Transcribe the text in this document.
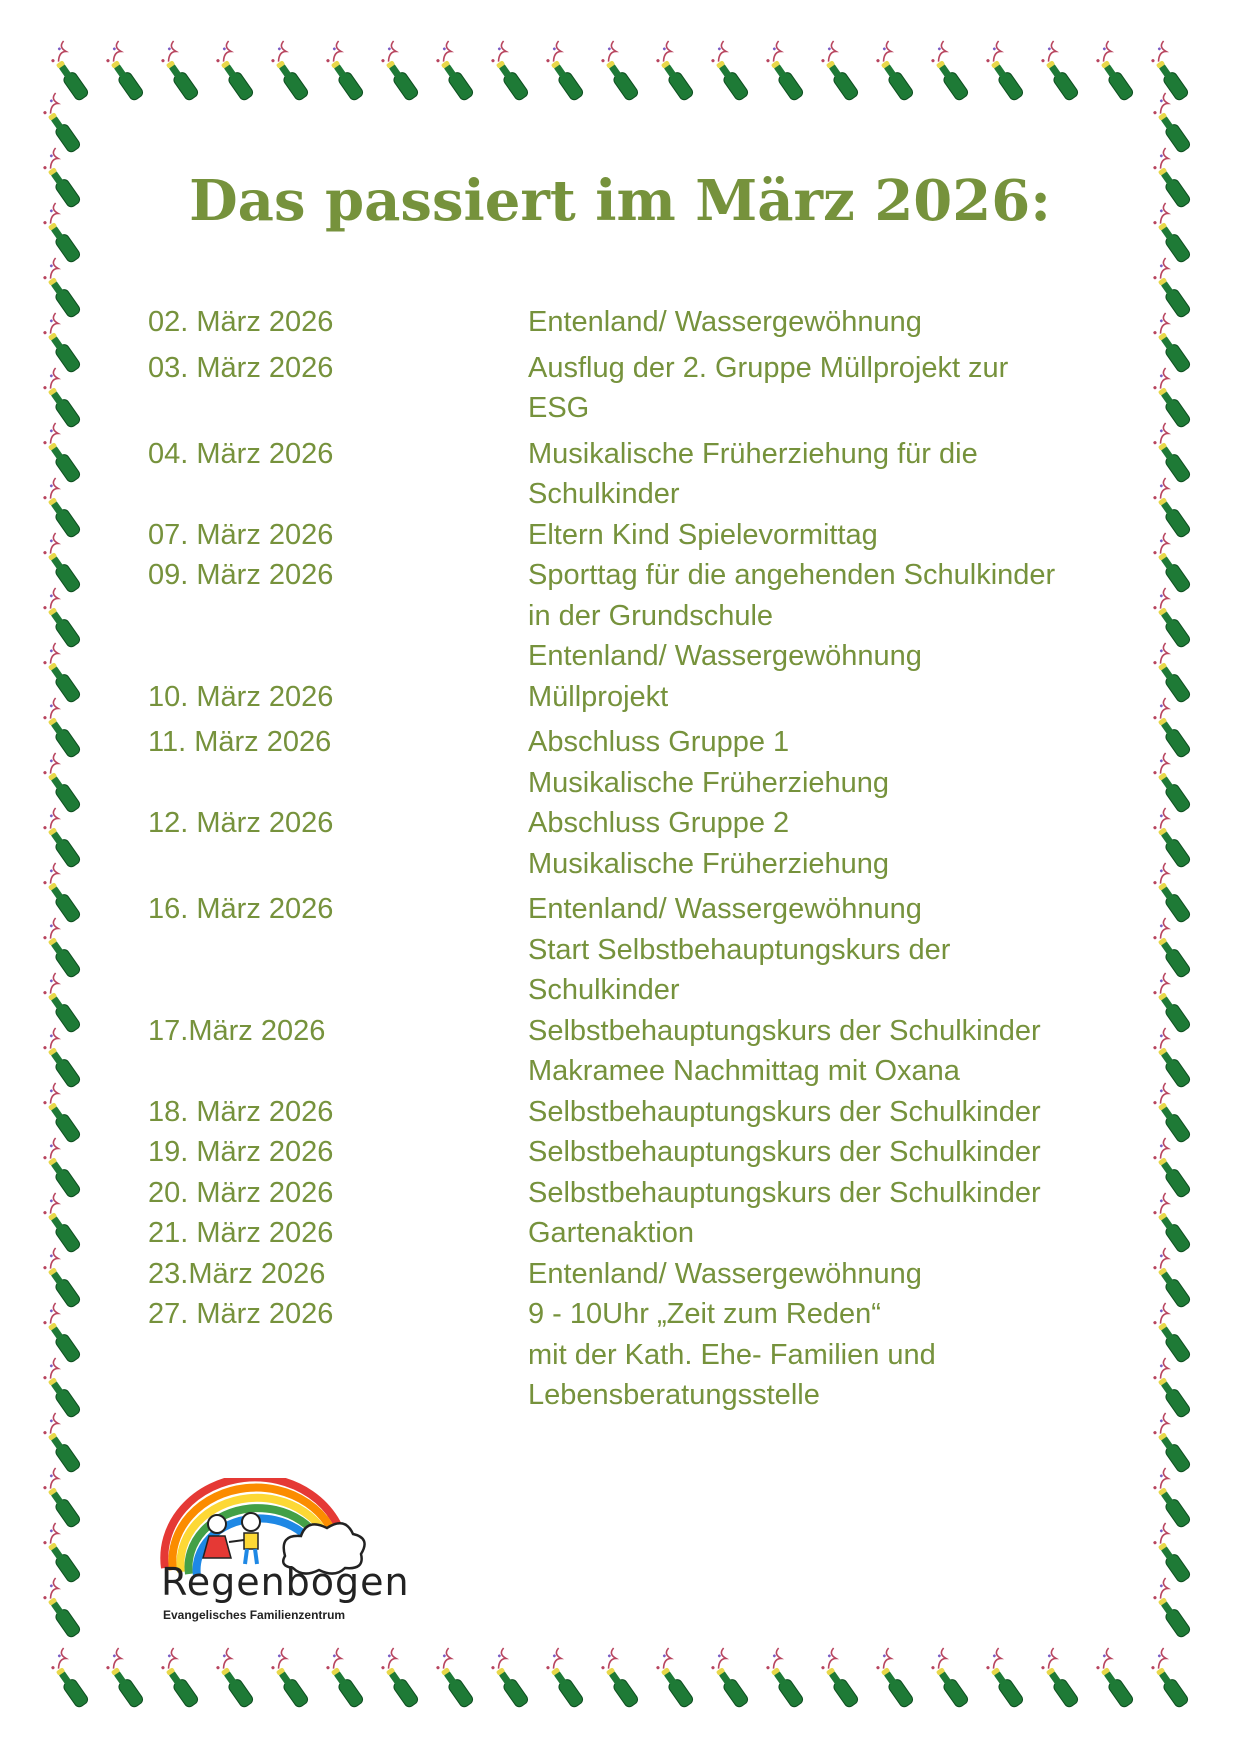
Das passiert im März 2026:
02. März 2026	Entenland/ Wassergewöhnung
03. März 2026	Ausflug der 2. Gruppe Müllprojekt zur
ESG
04. März 2026	Musikalische Früherziehung für die
Schulkinder
07. März 2026	Eltern Kind Spielevormittag
09. März 2026	Sporttag für die angehenden Schulkinder
in der Grundschule
Entenland/ Wassergewöhnung
10. März 2026	Müllprojekt
11. März 2026	Abschluss Gruppe 1
Musikalische Früherziehung
12. März 2026	Abschluss Gruppe 2
Musikalische Früherziehung
16. März 2026	Entenland/ Wassergewöhnung
Start Selbstbehauptungskurs der
Schulkinder
17.März 2026	Selbstbehauptungskurs der Schulkinder
Makramee Nachmittag mit Oxana
18. März 2026	Selbstbehauptungskurs der Schulkinder
19. März 2026	Selbstbehauptungskurs der Schulkinder
20. März 2026	Selbstbehauptungskurs der Schulkinder
21. März 2026	Gartenaktion
23.März 2026	Entenland/ Wassergewöhnung
27. März 2026	9 - 10Uhr „Zeit zum Reden“
mit der Kath. Ehe- Familien und
Lebensberatungsstelle
Regenbogen
Evangelisches Familienzentrum
